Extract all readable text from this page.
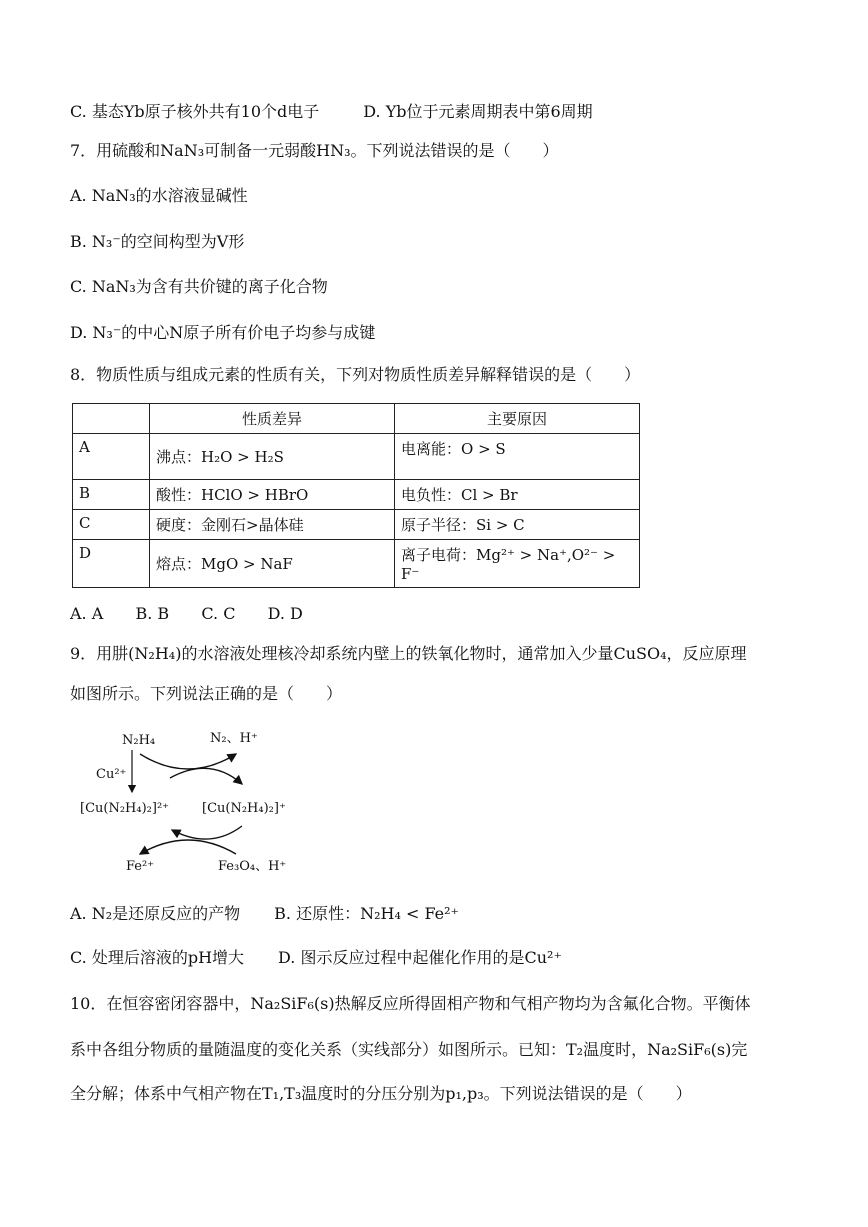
C. 基态Yb原子核外共有10个d电子	D. Yb位于元素周期表中第6周期
7．用硫酸和NaN₃可制备一元弱酸HN₃。下列说法错误的是（　　）
A. NaN₃的水溶液显碱性
B. N₃⁻的空间构型为V形
C. NaN₃为含有共价键的离子化合物
D. N₃⁻的中心N原子所有价电子均参与成键
8．物质性质与组成元素的性质有关，下列对物质性质差异解释错误的是（　　）
	性质差异	主要原因
A	沸点：H₂O > H₂S	电离能：O > S
B	酸性：HClO > HBrO	电负性：Cl > Br
C	硬度：金刚石>晶体硅	原子半径：Si > C
D	熔点：MgO > NaF	离子电荷：Mg²⁺ > Na⁺,O²⁻ > F⁻
A. A B. B C. C D. D
9．用肼(N₂H₄)的水溶液处理核冷却系统内壁上的铁氧化物时，通常加入少量CuSO₄，反应原理
如图所示。下列说法正确的是（　　）
N₂H₄	N₂、H⁺
Cu²⁺
[Cu(N₂H₄)₂]²⁺	[Cu(N₂H₄)₂]⁺
Fe²⁺	Fe₃O₄、H⁺
A. N₂是还原反应的产物 B. 还原性：N₂H₄ < Fe²⁺
C. 处理后溶液的pH增大 D. 图示反应过程中起催化作用的是Cu²⁺
10．在恒容密闭容器中，Na₂SiF₆(s)热解反应所得固相产物和气相产物均为含氟化合物。平衡体
系中各组分物质的量随温度的变化关系（实线部分）如图所示。已知：T₂温度时，Na₂SiF₆(s)完
全分解；体系中气相产物在T₁,T₃温度时的分压分别为p₁,p₃。下列说法错误的是（　　）
